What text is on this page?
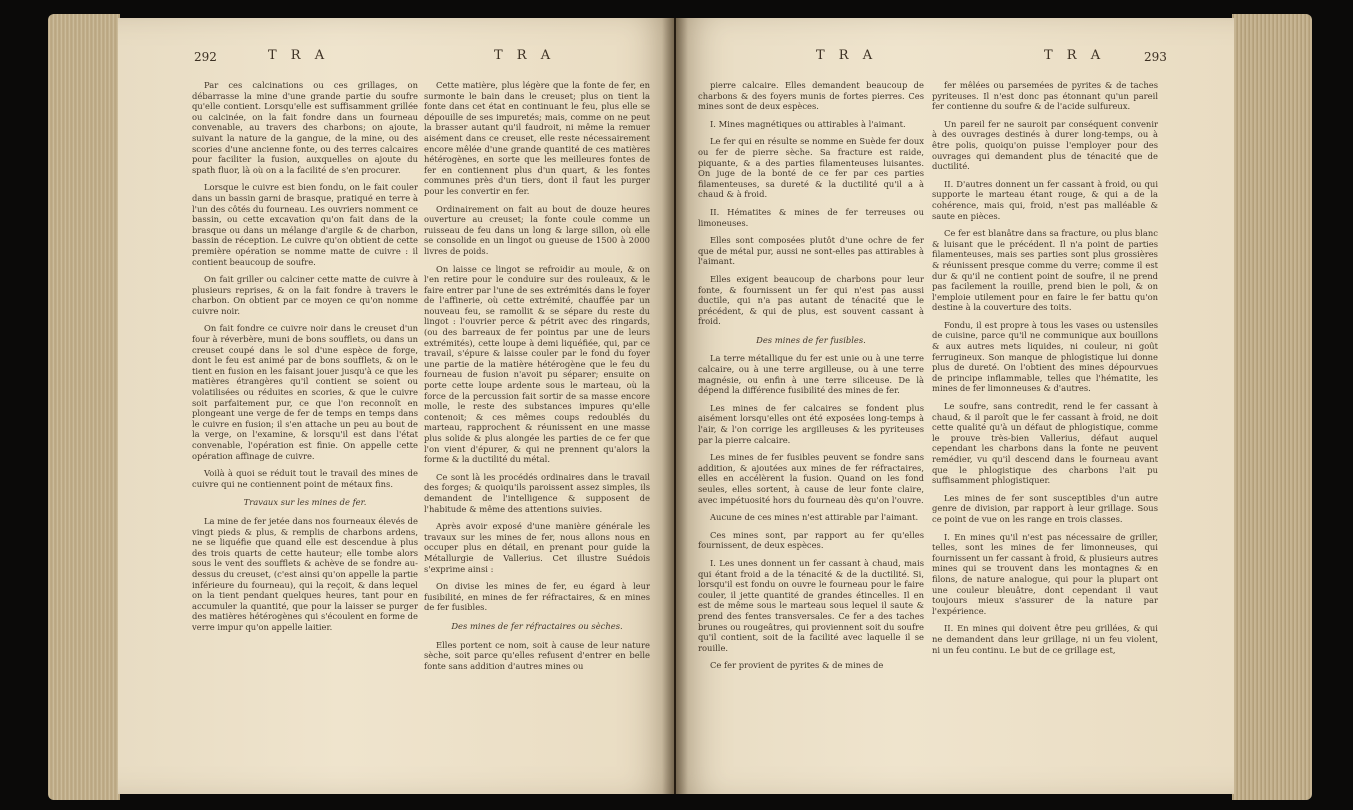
292	T R A	T R A

Par ces calcinations ou ces grillages, on débarrasse la mine d'une grande partie du soufre qu'elle contient. Lorsqu'elle est suffisamment grillée ou calcinée, on la fait fondre dans un fourneau convenable, au travers des charbons; on ajoute, suivant la nature de la gangue, de la mine, ou des scories d'une ancienne fonte, ou des terres calcaires pour faciliter la fusion, auxquelles on ajoute du spath fluor, là où on a la facilité de s'en procurer.

Lorsque le cuivre est bien fondu, on le fait couler dans un bassin garni de brasque, pratiqué en terre à l'un des côtés du fourneau. Les ouvriers nomment ce bassin, ou cette excavation qu'on fait dans de la brasque ou dans un mélange d'argile & de charbon, bassin de réception. Le cuivre qu'on obtient de cette première opération se nomme matte de cuivre : il contient beaucoup de soufre.

On fait griller ou calciner cette matte de cuivre à plusieurs reprises, & on la fait fondre à travers le charbon. On obtient par ce moyen ce qu'on nomme cuivre noir.

On fait fondre ce cuivre noir dans le creuset d'un four à réverbère, muni de bons soufflets, ou dans un creuset coupé dans le sol d'une espèce de forge, dont le feu est animé par de bons soufflets, & on le tient en fusion en les faisant jouer jusqu'à ce que les matières étrangères qu'il contient se soient ou volatilisées ou réduites en scories, & que le cuivre soit parfaitement pur, ce que l'on reconnoît en plongeant une verge de fer de temps en temps dans le cuivre en fusion; il s'en attache un peu au bout de la verge, on l'examine, & lorsqu'il est dans l'état convenable, l'opération est finie. On appelle cette opération affinage de cuivre.

Voilà à quoi se réduit tout le travail des mines de cuivre qui ne contiennent point de métaux fins.

Travaux sur les mines de fer.

La mine de fer jetée dans nos fourneaux élevés de vingt pieds & plus, & remplis de charbons ardens, ne se liquéfie que quand elle est descendue à plus des trois quarts de cette hauteur; elle tombe alors sous le vent des soufflets & achève de se fondre au-dessus du creuset, (c'est ainsi qu'on appelle la partie inférieure du fourneau), qui la reçoit, & dans lequel on la tient pendant quelques heures, tant pour en accumuler la quantité, que pour la laisser se purger des matières hétérogènes qui s'écoulent en forme de verre impur qu'on appelle laitier.

Cette matière, plus légère que la fonte de fer, en surmonte le bain dans le creuset; plus on tient la fonte dans cet état en continuant le feu, plus elle se dépouille de ses impuretés; mais, comme on ne peut la brasser autant qu'il faudroit, ni même la remuer aisément dans ce creuset, elle reste nécessairement encore mêlée d'une grande quantité de ces matières hétérogènes, en sorte que les meilleures fontes de fer en contiennent plus d'un quart, & les fontes communes près d'un tiers, dont il faut les purger pour les convertir en fer.

Ordinairement on fait au bout de douze heures ouverture au creuset; la fonte coule comme un ruisseau de feu dans un long & large sillon, où elle se consolide en un lingot ou gueuse de 1500 à 2000 livres de poids.

On laisse ce lingot se refroidir au moule, & on l'en retire pour le conduire sur des rouleaux, & le faire entrer par l'une de ses extrémités dans le foyer de l'affinerie, où cette extrémité, chauffée par un nouveau feu, se ramollit & se sépare du reste du lingot : l'ouvrier perce & pétrit avec des ringards, (ou des barreaux de fer pointus par une de leurs extrémités), cette loupe à demi liquéfiée, qui, par ce travail, s'épure & laisse couler par le fond du foyer une partie de la matière hétérogène que le feu du fourneau de fusion n'avoit pu séparer; ensuite on porte cette loupe ardente sous le marteau, où la force de la percussion fait sortir de sa masse encore molle, le reste des substances impures qu'elle contenoit; & ces mêmes coups redoublés du marteau, rapprochent & réunissent en une masse plus solide & plus alongée les parties de ce fer que l'on vient d'épurer, & qui ne prennent qu'alors la forme & la ductilité du métal.

Ce sont là les procédés ordinaires dans le travail des forges; & quoiqu'ils paroissent assez simples, ils demandent de l'intelligence & supposent de l'habitude & même des attentions suivies.

Après avoir exposé d'une manière générale les travaux sur les mines de fer, nous allons nous en occuper plus en détail, en prenant pour guide la Métallurgie de Vallerius. Cet illustre Suédois s'exprime ainsi :

On divise les mines de fer, eu égard à leur fusibilité, en mines de fer réfractaires, & en mines de fer fusibles.

Des mines de fer réfractaires ou sèches.

Elles portent ce nom, soit à cause de leur nature sèche, soit parce qu'elles refusent d'entrer en belle fonte sans addition d'autres mines ou

T R A	T R A	293

pierre calcaire. Elles demandent beaucoup de charbons & des foyers munis de fortes pierres. Ces mines sont de deux espèces.

I. Mines magnétiques ou attirables à l'aimant.

Le fer qui en résulte se nomme en Suède fer doux ou fer de pierre sèche. Sa fracture est raide, piquante, & a des parties filamenteuses luisantes. On juge de la bonté de ce fer par ces parties filamenteuses, sa dureté & la ductilité qu'il a à chaud & à froid.

II. Hématites & mines de fer terreuses ou limoneuses.

Elles sont composées plutôt d'une ochre de fer que de métal pur, aussi ne sont-elles pas attirables à l'aimant.

Elles exigent beaucoup de charbons pour leur fonte, & fournissent un fer qui n'est pas aussi ductile, qui n'a pas autant de ténacité que le précédent, & qui de plus, est souvent cassant à froid.

Des mines de fer fusibles.

La terre métallique du fer est unie ou à une terre calcaire, ou à une terre argilleuse, ou à une terre magnésie, ou enfin à une terre siliceuse. De là dépend la différence fusibilité des mines de fer.

Les mines de fer calcaires se fondent plus aisément lorsqu'elles ont été exposées long-temps à l'air, & l'on corrige les argilleuses & les pyriteuses par la pierre calcaire.

Les mines de fer fusibles peuvent se fondre sans addition, & ajoutées aux mines de fer réfractaires, elles en accélèrent la fusion. Quand on les fond seules, elles sortent, à cause de leur fonte claire, avec impétuosité hors du fourneau dès qu'on l'ouvre.

Aucune de ces mines n'est attirable par l'aimant.

Ces mines sont, par rapport au fer qu'elles fournissent, de deux espèces.

I. Les unes donnent un fer cassant à chaud, mais qui étant froid a de la ténacité & de la ductilité. Si, lorsqu'il est fondu on ouvre le fourneau pour le faire couler, il jette quantité de grandes étincelles. Il en est de même sous le marteau sous lequel il saute & prend des fentes transversales. Ce fer a des taches brunes ou rougeâtres, qui proviennent soit du soufre qu'il contient, soit de la facilité avec laquelle il se rouille.

Ce fer provient de pyrites & de mines de

fer mêlées ou parsemées de pyrites & de taches pyriteuses. Il n'est donc pas étonnant qu'un pareil fer contienne du soufre & de l'acide sulfureux.

Un pareil fer ne sauroit par conséquent convenir à des ouvrages destinés à durer long-temps, ou à être polis, quoiqu'on puisse l'employer pour des ouvrages qui demandent plus de ténacité que de ductilité.

II. D'autres donnent un fer cassant à froid, ou qui supporte le marteau étant rouge, & qui a de la cohérence, mais qui, froid, n'est pas malléable & saute en pièces.

Ce fer est blanâtre dans sa fracture, ou plus blanc & luisant que le précédent. Il n'a point de parties filamenteuses, mais ses parties sont plus grossières & réunissent presque comme du verre; comme il est dur & qu'il ne contient point de soufre, il ne prend pas facilement la rouille, prend bien le poli, & on l'emploie utilement pour en faire le fer battu qu'on destine à la couverture des toits.

Fondu, il est propre à tous les vases ou ustensiles de cuisine, parce qu'il ne communique aux bouillons & aux autres mets liquides, ni couleur, ni goût ferrugineux. Son manque de phlogistique lui donne plus de dureté. On l'obtient des mines dépourvues de principe inflammable, telles que l'hématite, les mines de fer limonneuses & d'autres.

Le soufre, sans contredit, rend le fer cassant à chaud, & il paroît que le fer cassant à froid, ne doit cette qualité qu'à un défaut de phlogistique, comme le prouve très-bien Vallerius, défaut auquel cependant les charbons dans la fonte ne peuvent remédier, vu qu'il descend dans le fourneau avant que le phlogistique des charbons l'ait pu suffisamment phlogistiquer.

Les mines de fer sont susceptibles d'un autre genre de division, par rapport à leur grillage. Sous ce point de vue on les range en trois classes.

I. En mines qu'il n'est pas nécessaire de griller, telles, sont les mines de fer limonneuses, qui fournissent un fer cassant à froid, & plusieurs autres mines qui se trouvent dans les montagnes & en filons, de nature analogue, qui pour la plupart ont une couleur bleuâtre, dont cependant il vaut toujours mieux s'assurer de la nature par l'expérience.

II. En mines qui doivent être peu grillées, & qui ne demandent dans leur grillage, ni un feu violent, ni un feu continu. Le but de ce grillage est,
